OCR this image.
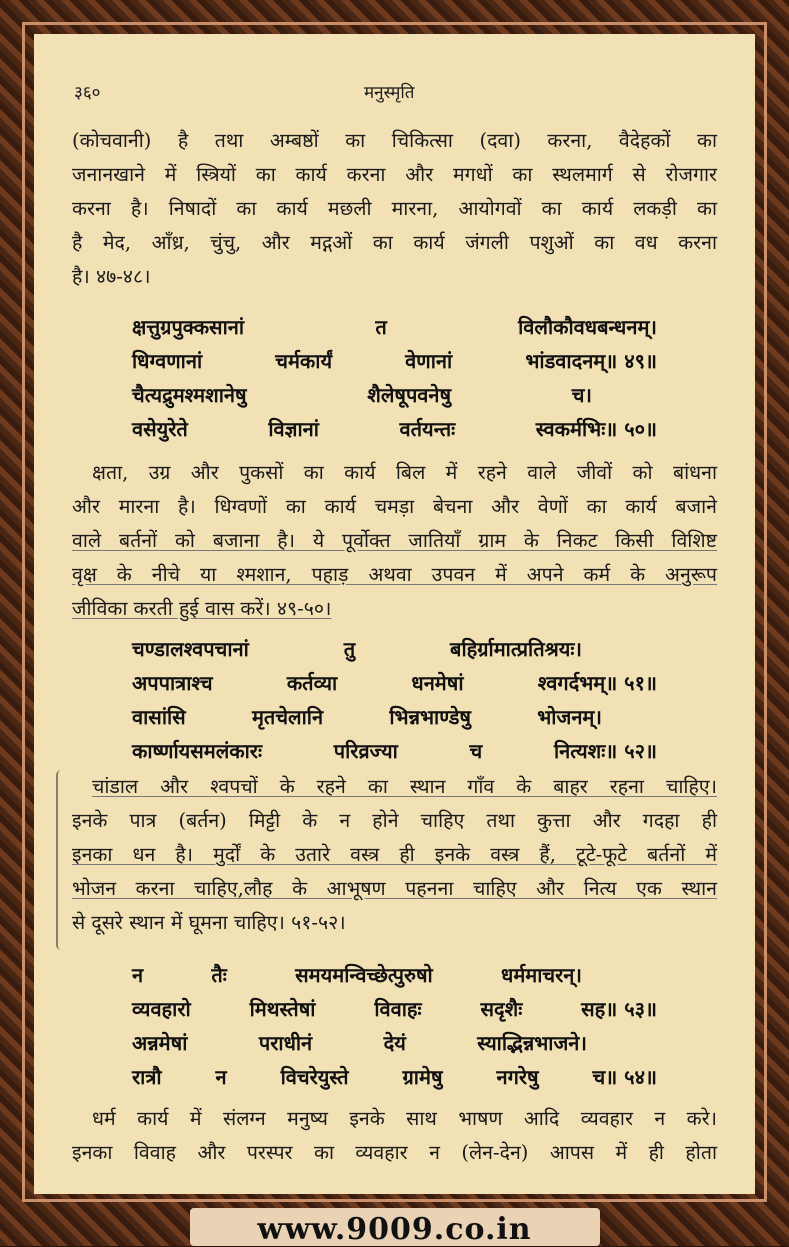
३६०	मनुस्मृति
(कोचवानी) है तथा अम्बष्ठों का चिकित्सा (दवा) करना, वैदेहकों का
जनानखाने में स्त्रियों का कार्य करना और मगधों का स्थलमार्ग से रोजगार
करना है। निषादों का कार्य मछली मारना, आयोगवों का कार्य लकड़ी का
है मेद, आँध्र, चुंचु, और मद्गओं का कार्य जंगली पशुओं का वध करना
है। ४७-४८।
क्षत्तुग्रपुक्कसानां	त	विलौकौवधबन्धनम्।
धिग्वणानां	चर्मकार्यं	वेणानां	भांडवादनम्॥ ४९॥
चैत्यद्रुमश्मशानेषु	शैलेषूपवनेषु	च।
वसेयुरेते	विज्ञानां	वर्तयन्तः	स्वकर्मभिः॥ ५०॥
क्षता, उग्र और पुकसों का कार्य बिल में रहने वाले जीवों को बांधना
और मारना है। धिग्वणों का कार्य चमड़ा बेचना और वेणों का कार्य बजाने
वाले बर्तनों को बजाना है। ये पूर्वोक्त जातियाँ ग्राम के निकट किसी विशिष्ट
वृक्ष के नीचे या श्मशान, पहाड़ अथवा उपवन में अपने कर्म के अनुरूप
जीविका करती हुई वास करें। ४९-५०।
चण्डालश्वपचानां	तु	बहिर्ग्रामात्प्रतिश्रयः।
अपपात्राश्च	कर्तव्या	धनमेषां	श्वगर्दभम्॥ ५१॥
वासांसि	मृतचेलानि	भिन्नभाण्डेषु	भोजनम्।
कार्ष्णायसमलंकारः	परिव्रज्या	च	नित्यशः॥ ५२॥
चांडाल और श्वपचों के रहने का स्थान गाँव के बाहर रहना चाहिए।
इनके पात्र (बर्तन) मिट्टी के न होने चाहिए तथा कुत्ता और गदहा ही
इनका धन है। मुर्दों के उतारे वस्त्र ही इनके वस्त्र हैं, टूटे-फूटे बर्तनों में
भोजन करना चाहिए,लौह के आभूषण पहनना चाहिए और नित्य एक स्थान
से दूसरे स्थान में घूमना चाहिए। ५१-५२।
न	तैः	समयमन्विच्छेत्पुरुषो	धर्ममाचरन्।
व्यवहारो	मिथस्तेषां	विवाहः	सदृशैः	सह॥ ५३॥
अन्नमेषां	पराधीनं	देयं	स्याद्भिन्नभाजने।
रात्रौ	न	विचरेयुस्ते	ग्रामेषु	नगरेषु	च॥ ५४॥
धर्म कार्य में संलग्न मनुष्य इनके साथ भाषण आदि व्यवहार न करे।
इनका विवाह और परस्पर का व्यवहार न (लेन-देन) आपस में ही होता
www.9009.co.in
